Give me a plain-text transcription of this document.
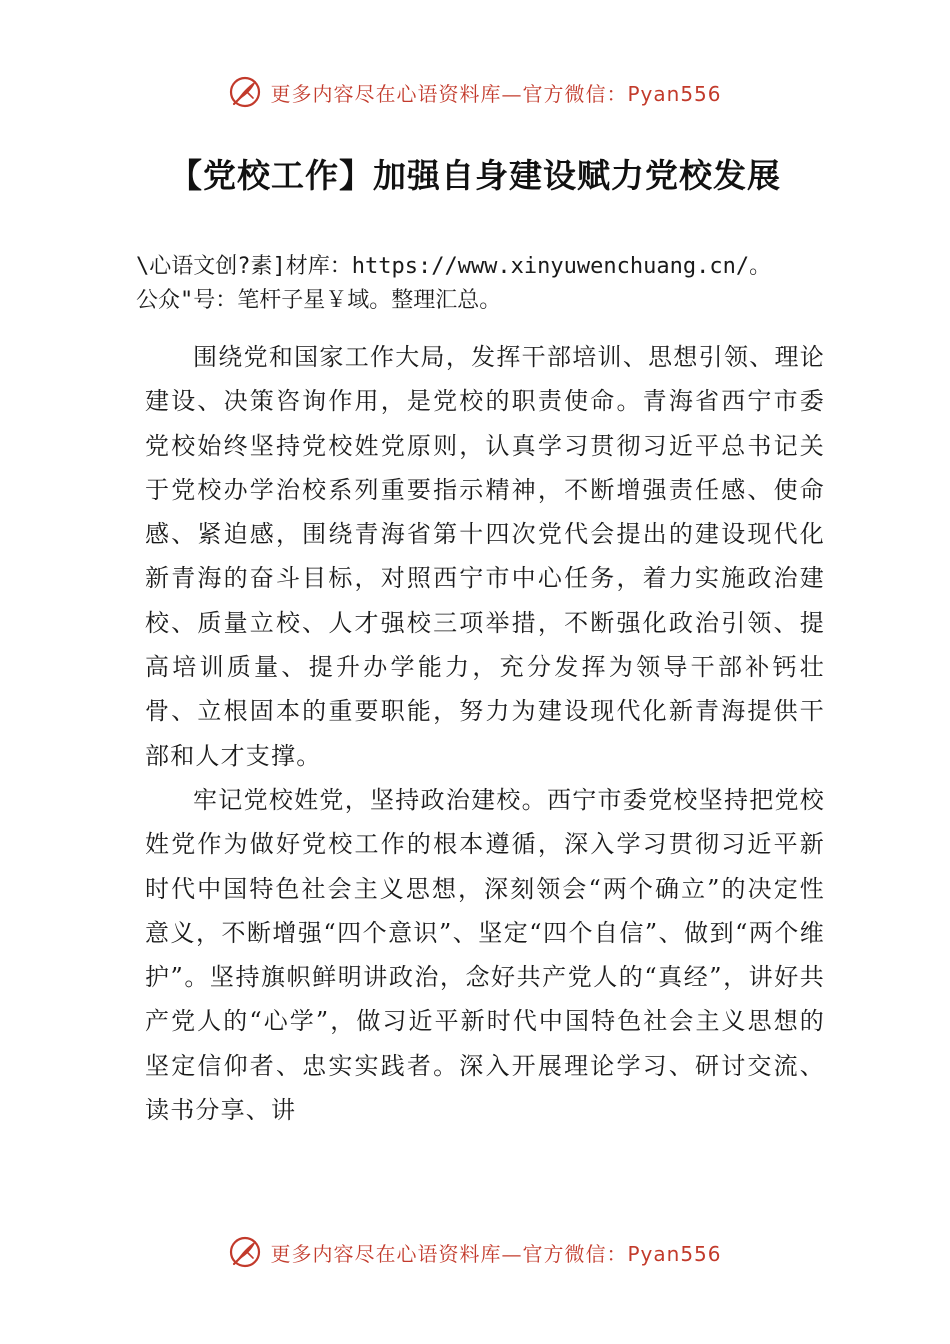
更多内容尽在心语资料库—官方微信：Pyan556
【党校工作】加强自身建设赋力党校发展
\心语文创?素]材库：https://www.xinyuwenchuang.cn/。
公众"号：笔杆子星￥域。整理汇总。

围绕党和国家工作大局，发挥干部培训、思想引领、理论建设、决策咨询作用，是党校的职责使命。青海省西宁市委党校始终坚持党校姓党原则，认真学习贯彻习近平总书记关于党校办学治校系列重要指示精神，不断增强责任感、使命感、紧迫感，围绕青海省第十四次党代会提出的建设现代化新青海的奋斗目标，对照西宁市中心任务，着力实施政治建校、质量立校、人才强校三项举措，不断强化政治引领、提高培训质量、提升办学能力，充分发挥为领导干部补钙壮骨、立根固本的重要职能，努力为建设现代化新青海提供干部和人才支撑。

牢记党校姓党，坚持政治建校。西宁市委党校坚持把党校姓党作为做好党校工作的根本遵循，深入学习贯彻习近平新时代中国特色社会主义思想，深刻领会“两个确立”的决定性意义，不断增强“四个意识”、坚定“四个自信”、做到“两个维护”。坚持旗帜鲜明讲政治，念好共产党人的“真经”，讲好共产党人的“心学”，做习近平新时代中国特色社会主义思想的坚定信仰者、忠实实践者。深入开展理论学习、研讨交流、读书分享、讲

更多内容尽在心语资料库—官方微信：Pyan556
